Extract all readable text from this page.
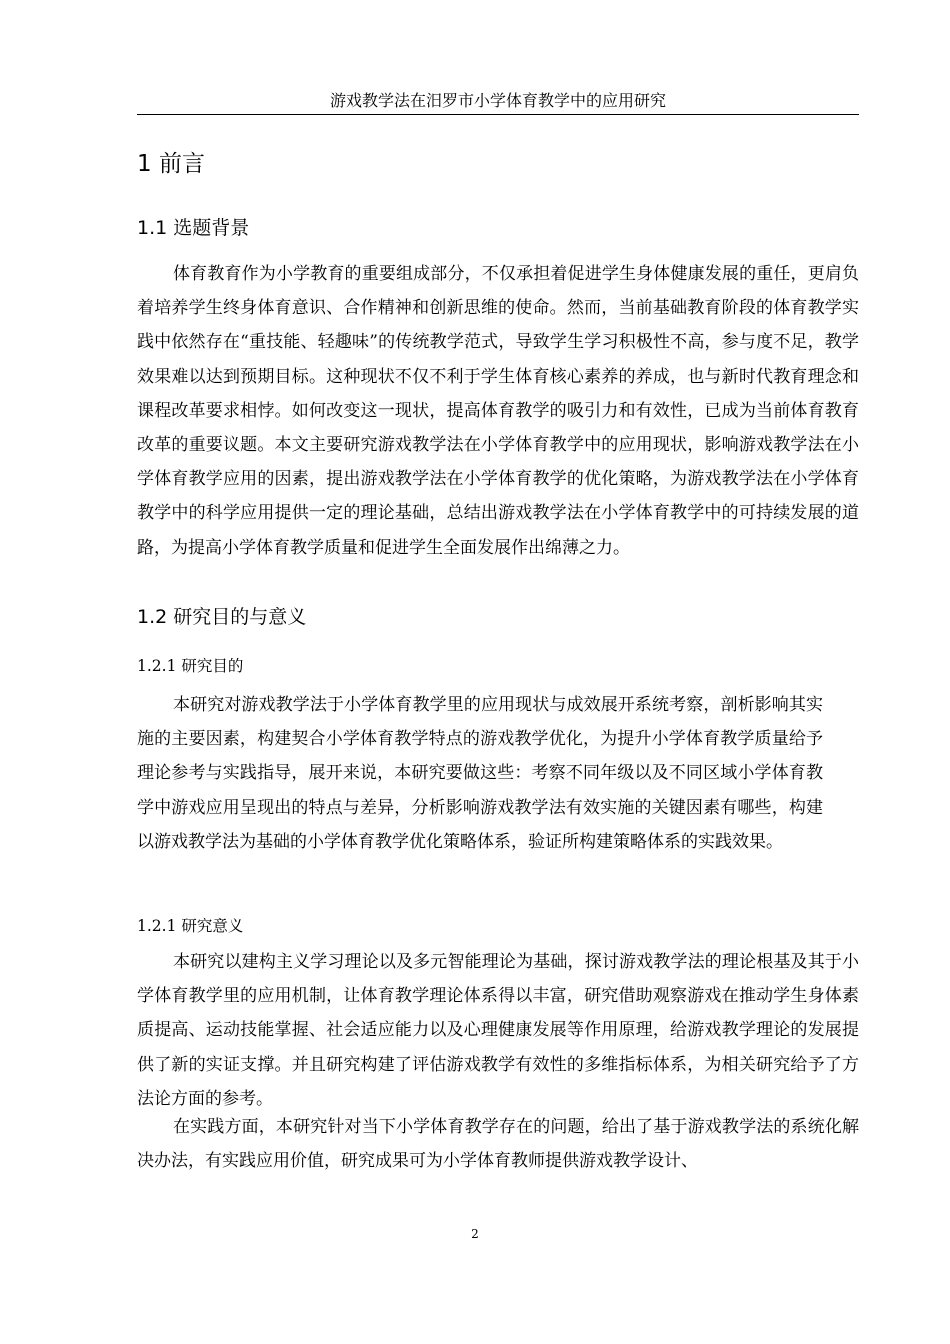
游戏教学法在汨罗市小学体育教学中的应用研究
1 前言
1.1 选题背景

体育教育作为小学教育的重要组成部分，不仅承担着促进学生身体健康发展的重任，更肩负着培养学生终身体育意识、合作精神和创新思维的使命。然而，当前基础教育阶段的体育教学实践中依然存在“重技能、轻趣味”的传统教学范式，导致学生学习积极性不高，参与度不足，教学效果难以达到预期目标。这种现状不仅不利于学生体育核心素养的养成，也与新时代教育理念和课程改革要求相悖。如何改变这一现状，提高体育教学的吸引力和有效性，已成为当前体育教育改革的重要议题。本文主要研究游戏教学法在小学体育教学中的应用现状，影响游戏教学法在小学体育教学应用的因素，提出游戏教学法在小学体育教学的优化策略，为游戏教学法在小学体育教学中的科学应用提供一定的理论基础，总结出游戏教学法在小学体育教学中的可持续发展的道路，为提高小学体育教学质量和促进学生全面发展作出绵薄之力。

1.2 研究目的与意义
1.2.1 研究目的

本研究对游戏教学法于小学体育教学里的应用现状与成效展开系统考察，剖析影响其实施的主要因素，构建契合小学体育教学特点的游戏教学优化，为提升小学体育教学质量给予理论参考与实践指导，展开来说，本研究要做这些：考察不同年级以及不同区域小学体育教学中游戏应用呈现出的特点与差异，分析影响游戏教学法有效实施的关键因素有哪些，构建以游戏教学法为基础的小学体育教学优化策略体系，验证所构建策略体系的实践效果。

1.2.1 研究意义

本研究以建构主义学习理论以及多元智能理论为基础，探讨游戏教学法的理论根基及其于小学体育教学里的应用机制，让体育教学理论体系得以丰富，研究借助观察游戏在推动学生身体素质提高、运动技能掌握、社会适应能力以及心理健康发展等作用原理，给游戏教学理论的发展提供了新的实证支撑。并且研究构建了评估游戏教学有效性的多维指标体系，为相关研究给予了方法论方面的参考。

在实践方面，本研究针对当下小学体育教学存在的问题，给出了基于游戏教学法的系统化解决办法，有实践应用价值，研究成果可为小学体育教师提供游戏教学设计、

2
